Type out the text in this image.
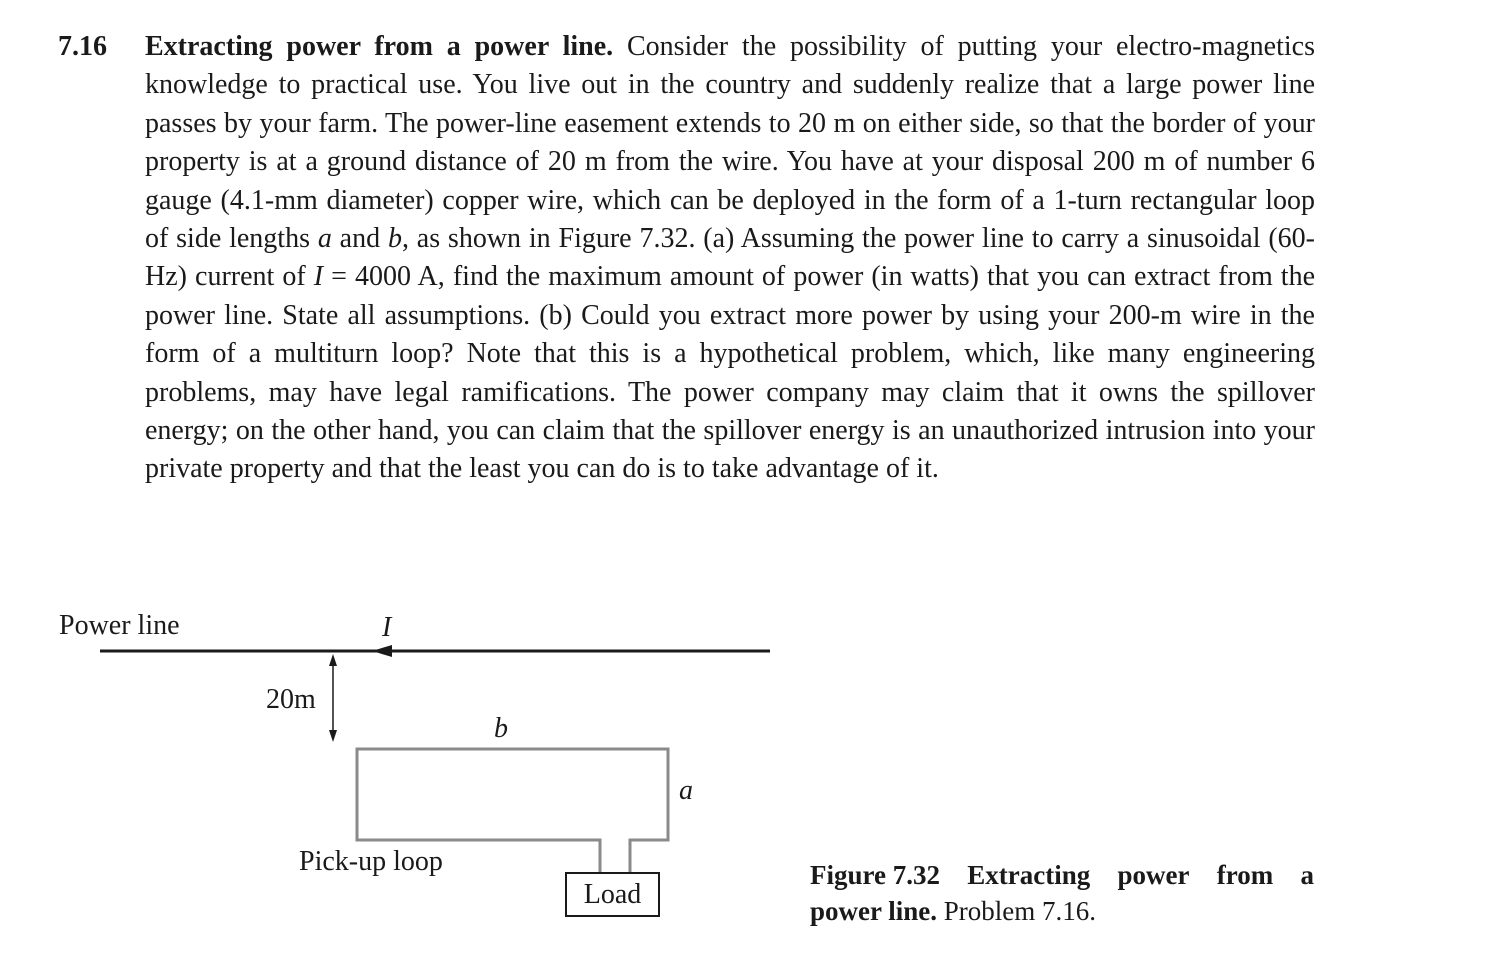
7.16 Extracting power from a power line. Consider the possibility of putting your electro-magnetics knowledge to practical use. You live out in the country and suddenly realize that a large power line passes by your farm. The power-line easement extends to 20 m on either side, so that the border of your property is at a ground distance of 20 m from the wire. You have at your disposal 200 m of number 6 gauge (4.1-mm diameter) copper wire, which can be deployed in the form of a 1-turn rectangular loop of side lengths a and b, as shown in Figure 7.32. (a) Assuming the power line to carry a sinusoidal (60-Hz) current of I = 4000 A, find the maximum amount of power (in watts) that you can extract from the power line. State all assumptions. (b) Could you extract more power by using your 200-m wire in the form of a multiturn loop? Note that this is a hypothetical problem, which, like many engineering problems, may have legal ramifications. The power company may claim that it owns the spillover energy; on the other hand, you can claim that the spillover energy is an unauthorized intrusion into your private property and that the least you can do is to take advantage of it.

Power line	I
20m
b
a
Pick-up loop
Load
Figure 7.32 Extracting power from a
power line. Problem 7.16.
